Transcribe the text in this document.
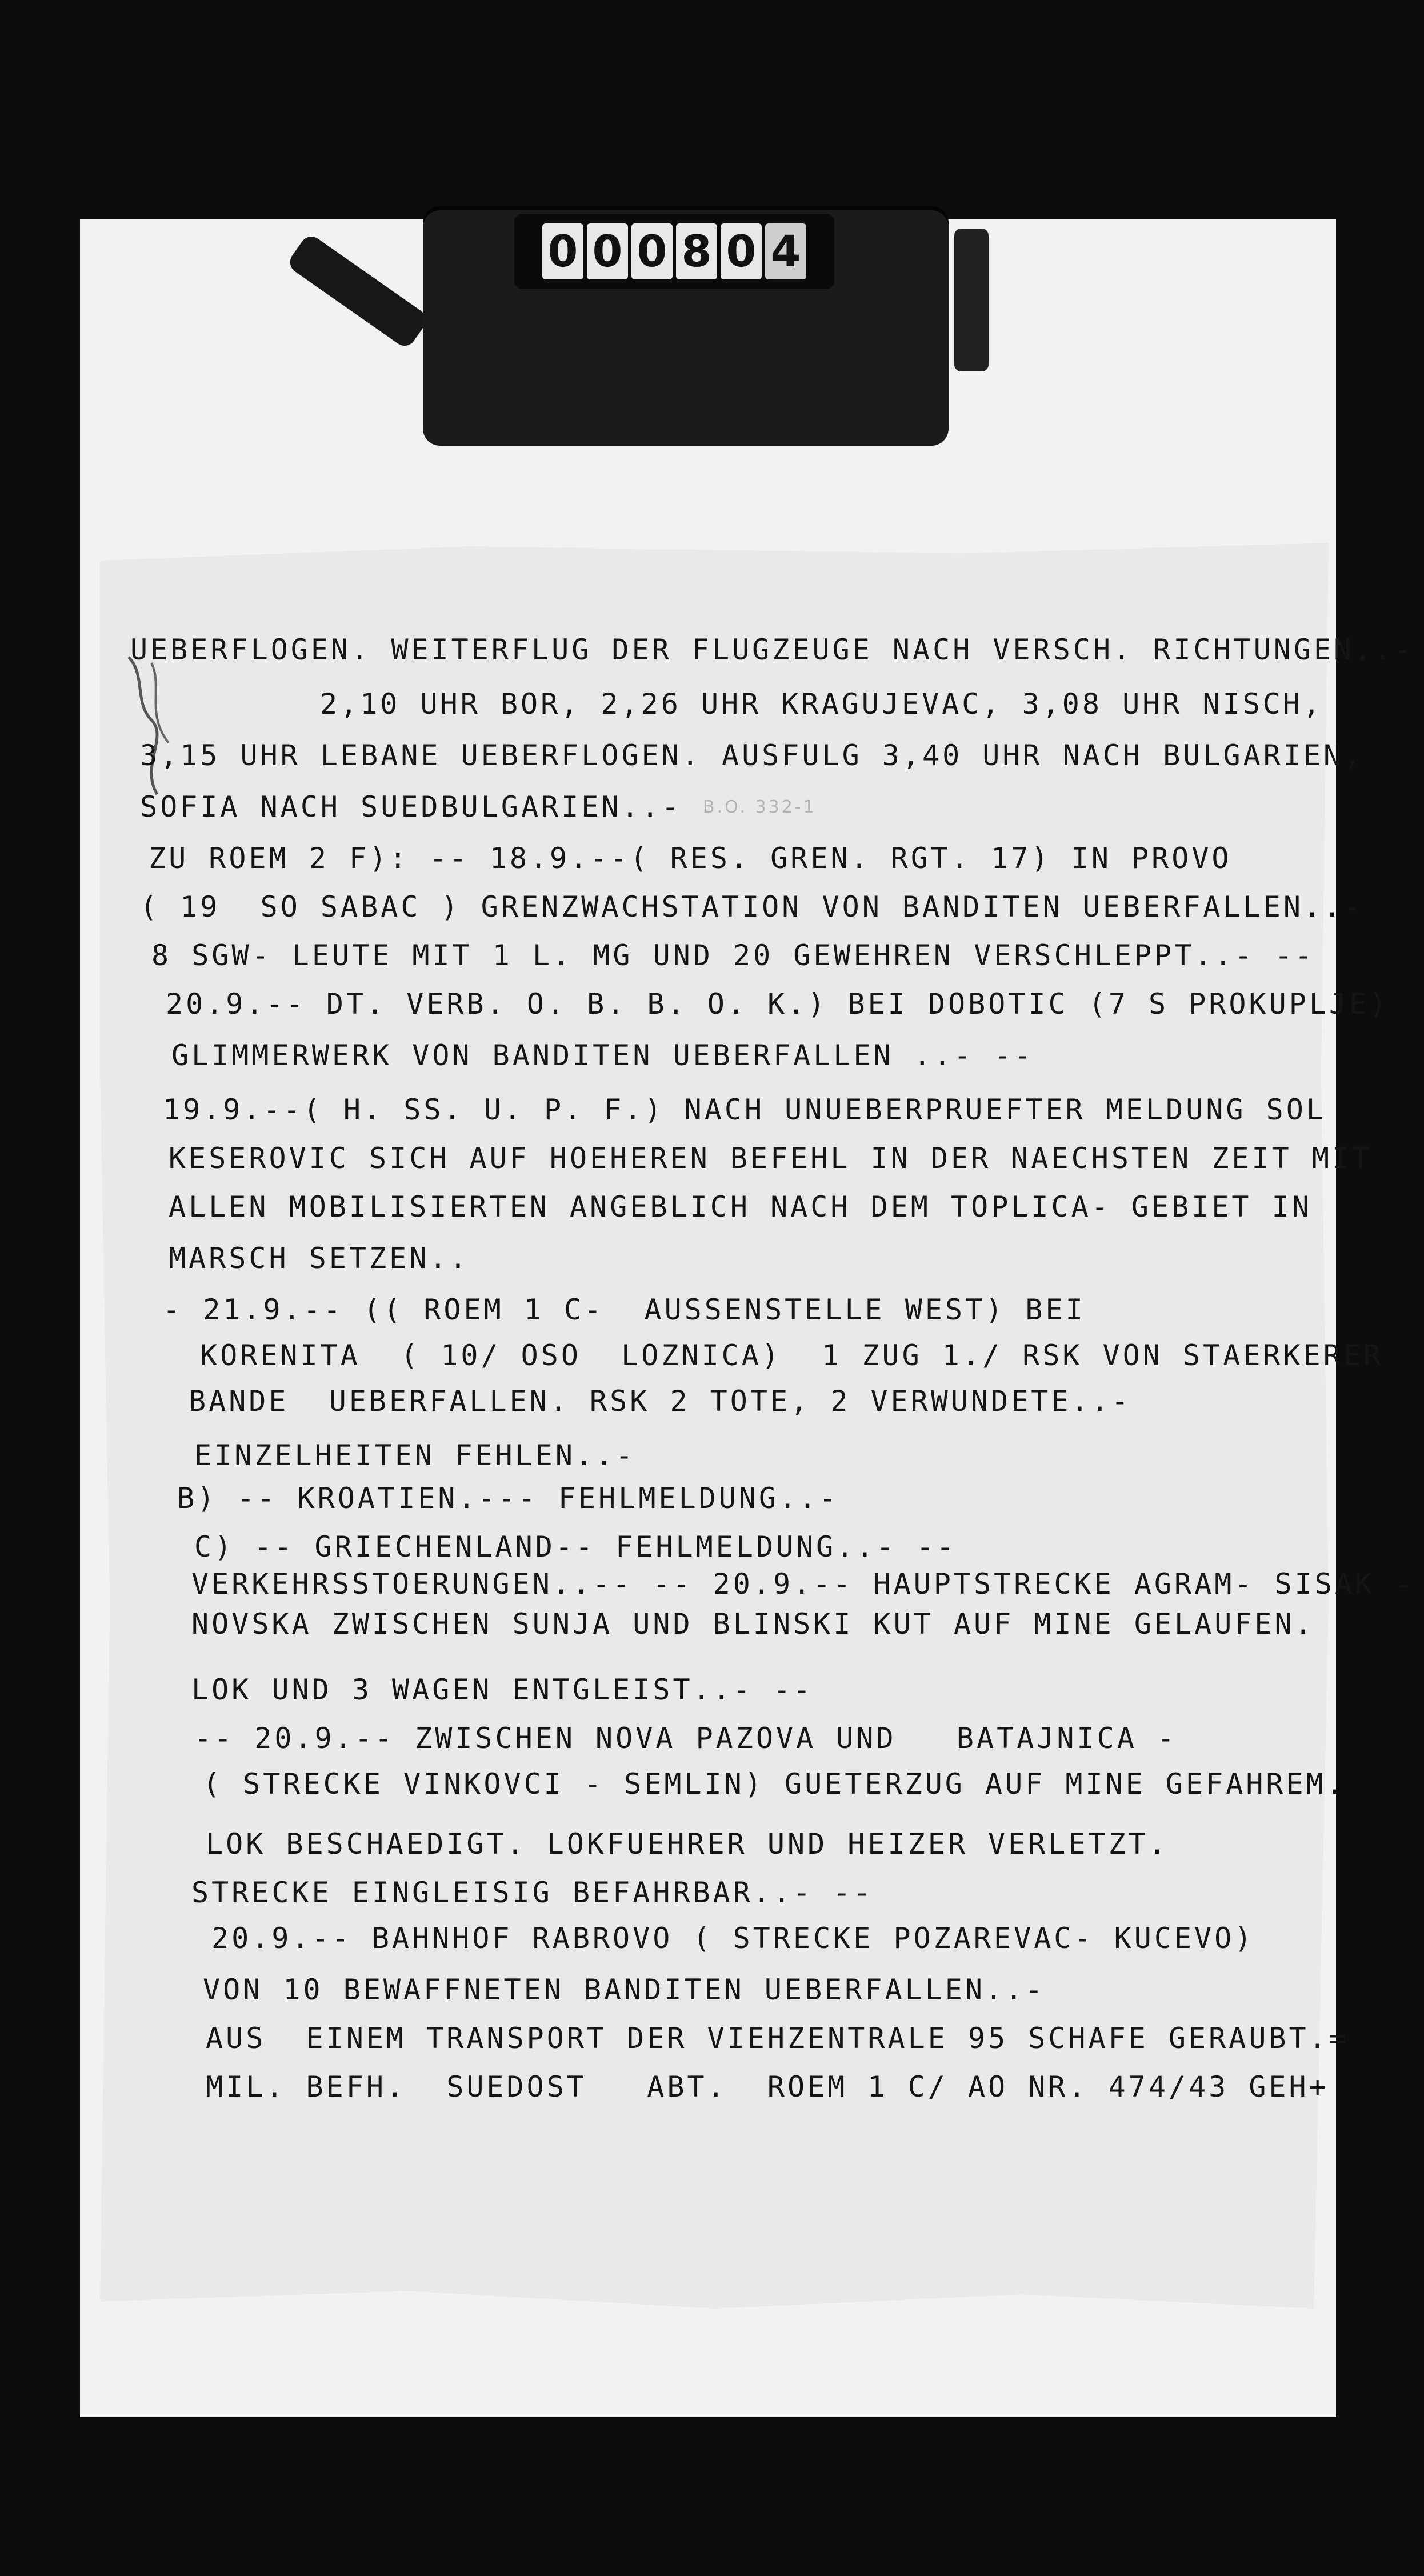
0 0 0 8 0 4
B.O. 332-1
UEBERFLOGEN. WEITERFLUG DER FLUGZEUGE NACH VERSCH. RICHTUNGEN..-
2,10 UHR BOR, 2,26 UHR KRAGUJEVAC, 3,08 UHR NISCH,
3,15 UHR LEBANE UEBERFLOGEN. AUSFULG 3,40 UHR NACH BULGARIEN,
SOFIA NACH SUEDBULGARIEN..-
ZU ROEM 2 F): -- 18.9.--( RES. GREN. RGT. 17) IN PROVO
( 19  SO SABAC ) GRENZWACHSTATION VON BANDITEN UEBERFALLEN..-
8 SGW- LEUTE MIT 1 L. MG UND 20 GEWEHREN VERSCHLEPPT..- --
20.9.-- DT. VERB. O. B. B. O. K.) BEI DOBOTIC (7 S PROKUPLJE)
GLIMMERWERK VON BANDITEN UEBERFALLEN ..- --
19.9.--( H. SS. U. P. F.) NACH UNUEBERPRUEFTER MELDUNG SOL
KESEROVIC SICH AUF HOEHEREN BEFEHL IN DER NAECHSTEN ZEIT MIT
ALLEN MOBILISIERTEN ANGEBLICH NACH DEM TOPLICA- GEBIET IN
MARSCH SETZEN..
- 21.9.-- (( ROEM 1 C-  AUSSENSTELLE WEST) BEI
KORENITA  ( 10/ OSO  LOZNICA)  1 ZUG 1./ RSK VON STAERKERER
BANDE  UEBERFALLEN. RSK 2 TOTE, 2 VERWUNDETE..-
EINZELHEITEN FEHLEN..-
B) -- KROATIEN.--- FEHLMELDUNG..-
C) -- GRIECHENLAND-- FEHLMELDUNG..- --
VERKEHRSSTOERUNGEN..-- -- 20.9.-- HAUPTSTRECKE AGRAM- SISAK -
NOVSKA ZWISCHEN SUNJA UND BLINSKI KUT AUF MINE GELAUFEN.
LOK UND 3 WAGEN ENTGLEIST..- --
-- 20.9.-- ZWISCHEN NOVA PAZOVA UND   BATAJNICA -
( STRECKE VINKOVCI - SEMLIN) GUETERZUG AUF MINE GEFAHREM.
LOK BESCHAEDIGT. LOKFUEHRER UND HEIZER VERLETZT.
STRECKE EINGLEISIG BEFAHRBAR..- --
20.9.-- BAHNHOF RABROVO ( STRECKE POZAREVAC- KUCEVO)
VON 10 BEWAFFNETEN BANDITEN UEBERFALLEN..-
AUS  EINEM TRANSPORT DER VIEHZENTRALE 95 SCHAFE GERAUBT.=
MIL. BEFH.  SUEDOST   ABT.  ROEM 1 C/ AO NR. 474/43 GEH+
